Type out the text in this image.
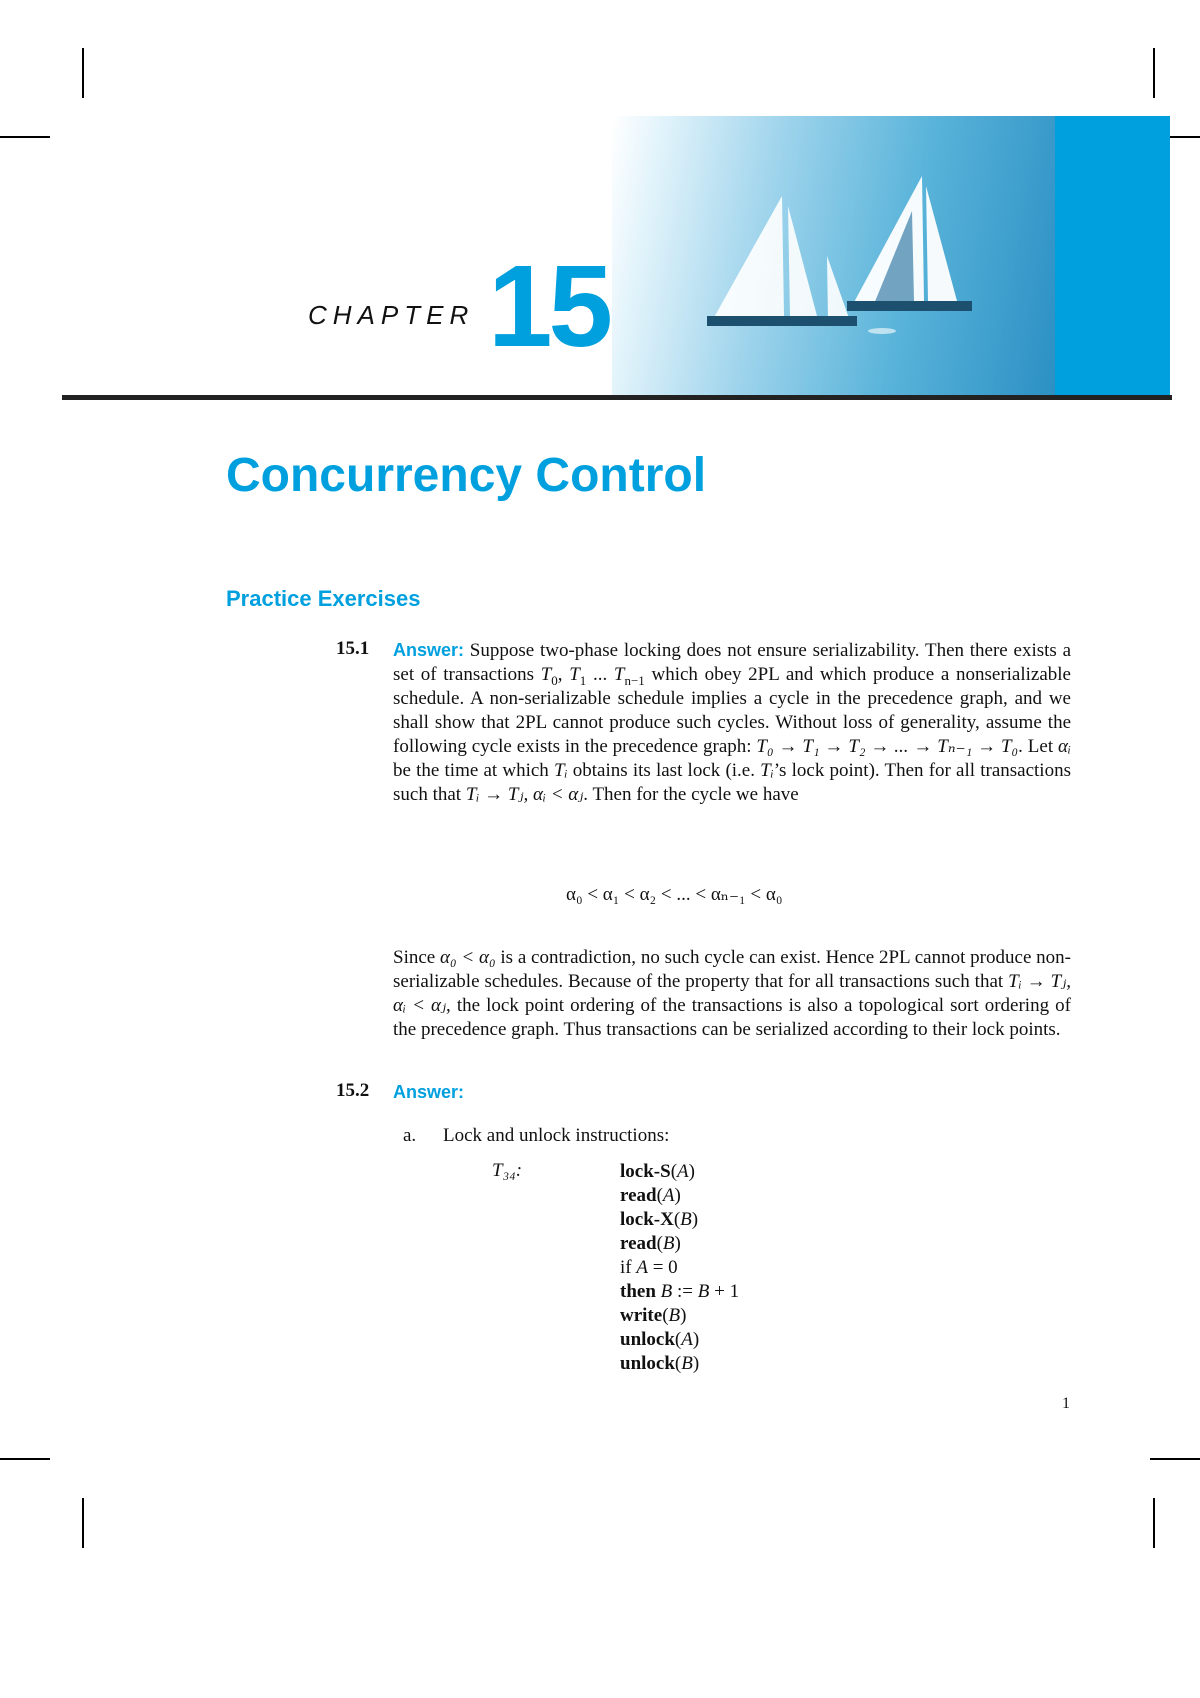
CHAPTER 15
Concurrency Control
Practice Exercises
15.1 Answer: Suppose two-phase locking does not ensure serializability. Then there exists a set of transactions $T_0$, $T_1$ ... $T_{n-1}$ which obey 2PL and which produce a nonserializable schedule. A non-serializable schedule implies a cycle in the precedence graph, and we shall show that 2PL cannot produce such cycles. Without loss of generality, assume the following cycle exists in the precedence graph: T₀ → T₁ → T₂ → ... → Tₙ₋₁ → T₀. Let αᵢ be the time at which Tᵢ obtains its last lock (i.e. Tᵢ’s lock point). Then for all transactions such that Tᵢ → Tⱼ, αᵢ < αⱼ. Then for the cycle we have

α₀ < α₁ < α₂ < ... < αₙ₋₁ < α₀

Since α₀ < α₀ is a contradiction, no such cycle can exist. Hence 2PL cannot produce non-serializable schedules. Because of the property that for all transactions such that Tᵢ → Tⱼ, αᵢ < αⱼ, the lock point ordering of the transactions is also a topological sort ordering of the precedence graph. Thus transactions can be serialized according to their lock points.

15.2 Answer:
a. Lock and unlock instructions:
T₃₄:	lock-S(A)
read(A)
lock-X(B)
read(B)
if A = 0
then B := B + 1
write(B)
unlock(A)
unlock(B)
1
